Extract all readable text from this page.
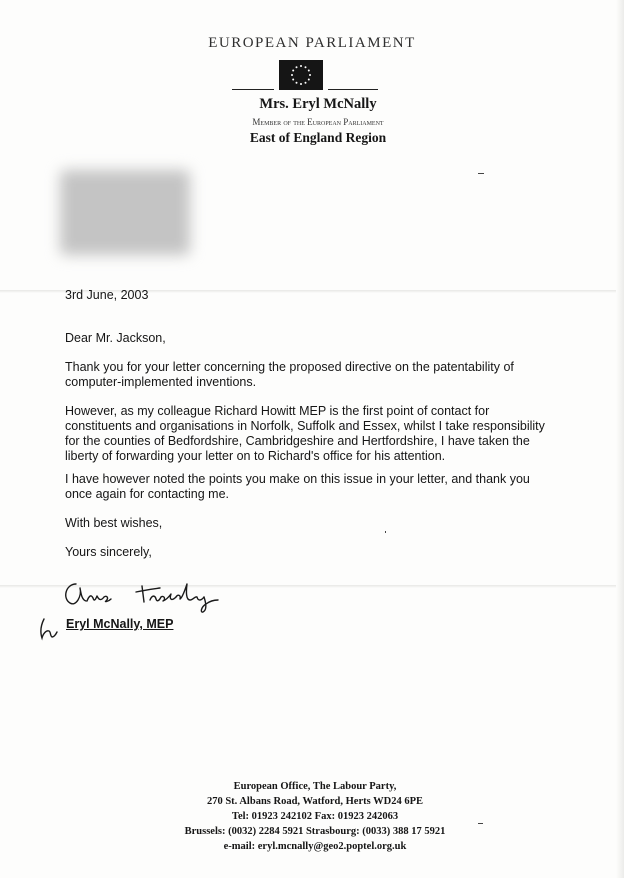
EUROPEAN PARLIAMENT
Mrs. Eryl McNally
Member of the European Parliament
East of England Region
3rd June, 2003
Dear Mr. Jackson,
Thank you for your letter concerning the proposed directive on the patentability of computer-implemented inventions.
However, as my colleague Richard Howitt MEP is the first point of contact for constituents and organisations in Norfolk, Suffolk and Essex, whilst I take responsibility for the counties of Bedfordshire, Cambridgeshire and Hertfordshire, I have taken the liberty of forwarding your letter on to Richard's office for his attention.
I have however noted the points you make on this issue in your letter, and thank you once again for contacting me.
With best wishes,
Yours sincerely,
Eryl McNally, MEP
European Office, The Labour Party,
270 St. Albans Road, Watford, Herts WD24 6PE
Tel: 01923 242102 Fax: 01923 242063
Brussels: (0032) 2284 5921 Strasbourg: (0033) 388 17 5921
e-mail: eryl.mcnally@geo2.poptel.org.uk
